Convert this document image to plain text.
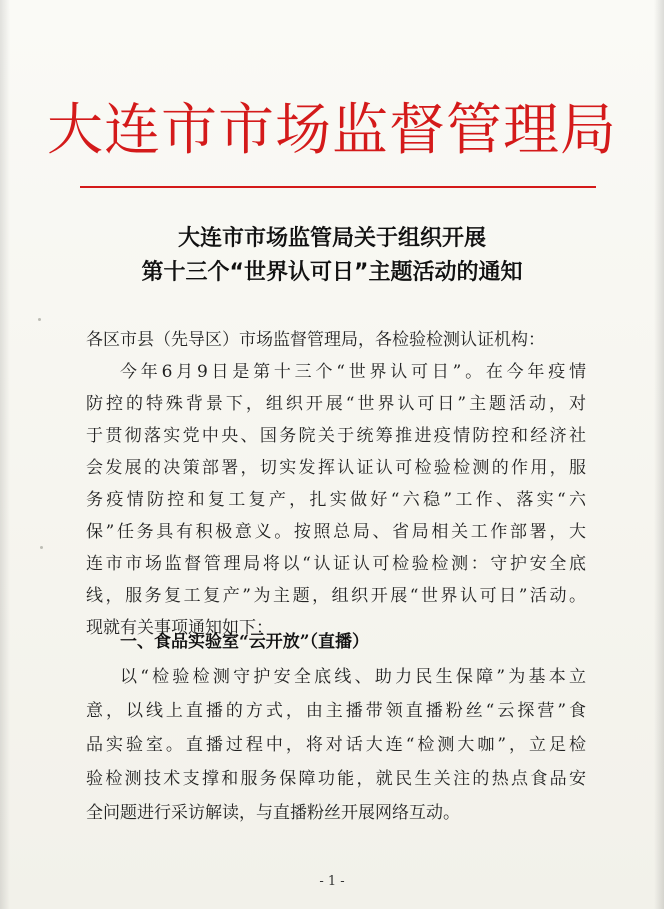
大连市市场监督管理局
大连市市场监管局关于组织开展
第十三个“世界认可日”主题活动的通知
各区市县（先导区）市场监督管理局，各检验检测认证机构：
今年6月9日是第十三个“世界认可日”。在今年疫情
防控的特殊背景下，组织开展“世界认可日”主题活动，对
于贯彻落实党中央、国务院关于统筹推进疫情防控和经济社
会发展的决策部署，切实发挥认证认可检验检测的作用，服
务疫情防控和复工复产，扎实做好“六稳”工作、落实“六
保”任务具有积极意义。按照总局、省局相关工作部署，大
连市市场监督管理局将以“认证认可检验检测：守护安全底
线，服务复工复产”为主题，组织开展“世界认可日”活动。
现就有关事项通知如下：
一、食品实验室“云开放”（直播）
以“检验检测守护安全底线、助力民生保障”为基本立
意，以线上直播的方式，由主播带领直播粉丝“云探营”食
品实验室。直播过程中，将对话大连“检测大咖”，立足检
验检测技术支撑和服务保障功能，就民生关注的热点食品安
全问题进行采访解读，与直播粉丝开展网络互动。
- 1 -
